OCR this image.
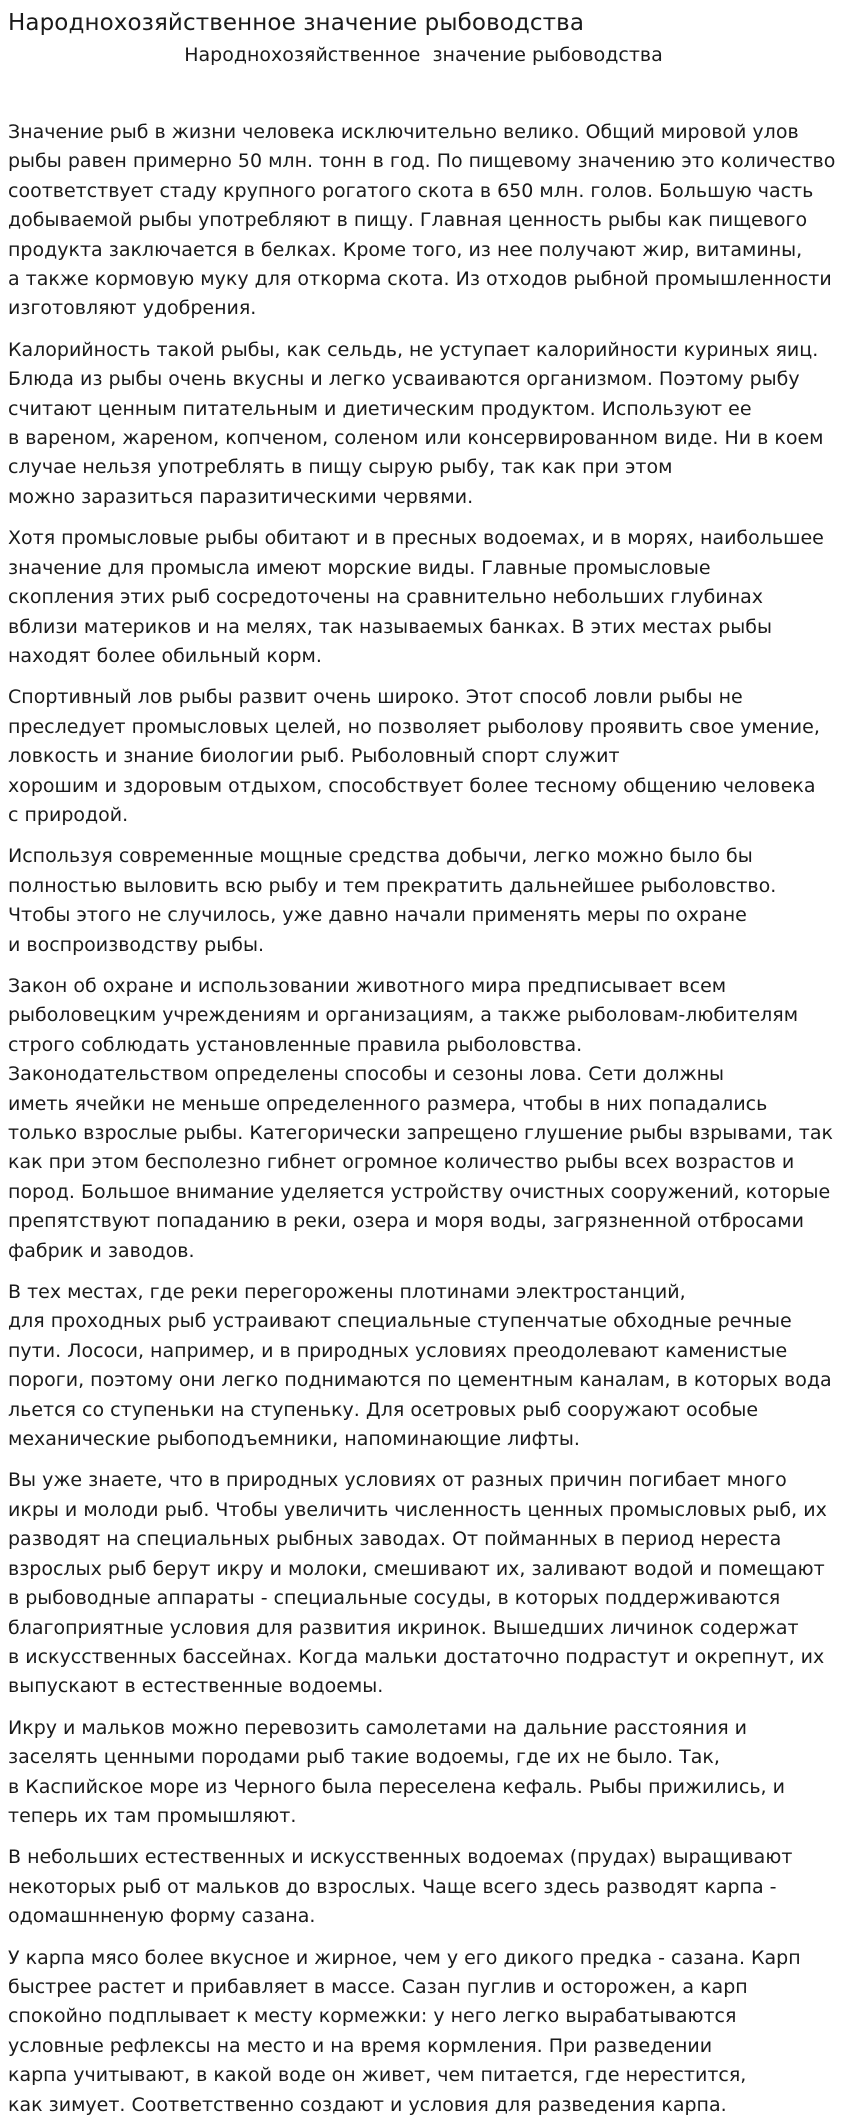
Народнохозяйственное значение рыбоводства

Народнохозяйственное  значение рыбоводства

Значение рыб в жизни человека исключительно велико. Общий мировой улов
рыбы равен примерно 50 млн. тонн в год. По пищевому значению это количество
соответствует стаду крупного рогатого скота в 650 млн. голов. Большую часть
добываемой рыбы употребляют в пищу. Главная ценность рыбы как пищевого
продукта заключается в белках. Кроме того, из нее получают жир, витамины,
а также кормовую муку для откорма скота. Из отходов рыбной промышленности
изготовляют удобрения.

Калорийность такой рыбы, как сельдь, не уступает калорийности куриных яиц.
Блюда из рыбы очень вкусны и легко усваиваются организмом. Поэтому рыбу
считают ценным питательным и диетическим продуктом. Используют ее
в вареном, жареном, копченом, соленом или консервированном виде. Ни в коем
случае нельзя употреблять в пищу сырую рыбу, так как при этом
можно заразиться паразитическими червями.

Хотя промысловые рыбы обитают и в пресных водоемах, и в морях, наибольшее
значение для промысла имеют морские виды. Главные промысловые
скопления этих рыб сосредоточены на сравнительно небольших глубинах
вблизи материков и на мелях, так называемых банках. В этих местах рыбы
находят более обильный корм.

Спортивный лов рыбы развит очень широко. Этот способ ловли рыбы не
преследует промысловых целей, но позволяет рыболову проявить свое умение,
ловкость и знание биологии рыб. Рыболовный спорт служит
хорошим и здоровым отдыхом, способствует более тесному общению человека
с природой.

Используя современные мощные средства добычи, легко можно было бы
полностью выловить всю рыбу и тем прекратить дальнейшее рыболовство.
Чтобы этого не случилось, уже давно начали применять меры по охране
и воспроизводству рыбы.

Закон об охране и использовании животного мира предписывает всем
рыболовецким учреждениям и организациям, а также рыболовам-любителям
строго соблюдать установленные правила рыболовства.
Законодательством определены способы и сезоны лова. Сети должны
иметь ячейки не меньше определенного размера, чтобы в них попадались
только взрослые рыбы. Категорически запрещено глушение рыбы взрывами, так
как при этом бесполезно гибнет огромное количество рыбы всех возрастов и
пород. Большое внимание уделяется устройству очистных сооружений, которые
препятствуют попаданию в реки, озера и моря воды, загрязненной отбросами
фабрик и заводов.

В тех местах, где реки перегорожены плотинами электростанций,
для проходных рыб устраивают специальные ступенчатые обходные речные
пути. Лососи, например, и в природных условиях преодолевают каменистые
пороги, поэтому они легко поднимаются по цементным каналам, в которых вода
льется со ступеньки на ступеньку. Для осетровых рыб сооружают особые
механические рыбоподъемники, напоминающие лифты.

Вы уже знаете, что в природных условиях от разных причин погибает много
икры и молоди рыб. Чтобы увеличить численность ценных промысловых рыб, их
разводят на специальных рыбных заводах. От пойманных в период нереста
взрослых рыб берут икру и молоки, смешивают их, заливают водой и помещают
в рыбоводные аппараты - специальные сосуды, в которых поддерживаются
благоприятные условия для развития икринок. Вышедших личинок содержат
в искусственных бассейнах. Когда мальки достаточно подрастут и окрепнут, их
выпускают в естественные водоемы.

Икру и мальков можно перевозить самолетами на дальние расстояния и
заселять ценными породами рыб такие водоемы, где их не было. Так,
в Каспийское море из Черного была переселена кефаль. Рыбы прижились, и
теперь их там промышляют.

В небольших естественных и искусственных водоемах (прудах) выращивают
некоторых рыб от мальков до взрослых. Чаще всего здесь разводят карпа -
одомашнненую форму сазана.

У карпа мясо более вкусное и жирное, чем у его дикого предка - сазана. Карп
быстрее растет и прибавляет в массе. Сазан пуглив и осторожен, а карп
спокойно подплывает к месту кормежки: у него легко вырабатываются
условные рефлексы на место и на время кормления. При разведении
карпа учитывают, в какой воде он живет, чем питается, где нерестится,
как зимует. Соответственно создают и условия для разведения карпа.
